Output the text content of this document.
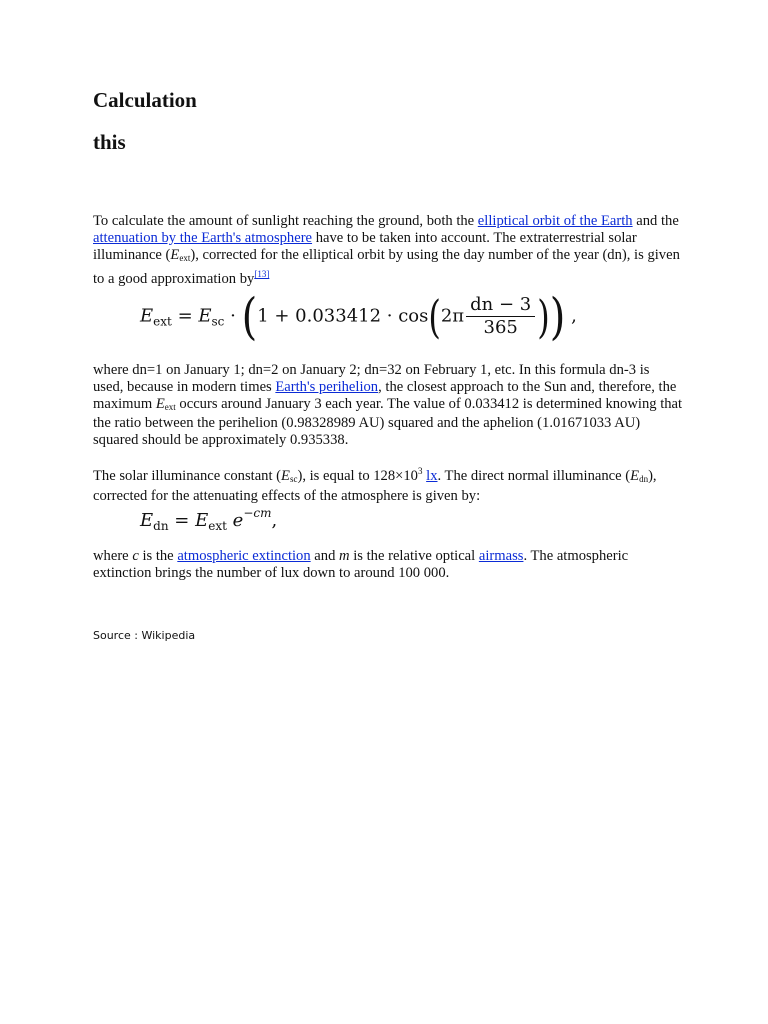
Calculation
this

To calculate the amount of sunlight reaching the ground, both the elliptical orbit of the Earth and the attenuation by the Earth's atmosphere have to be taken into account. The extraterrestrial solar illuminance $(E_{ext})$, corrected for the elliptical orbit by using the day number of the year (dn), is given to a good approximation by[13]

$E_{ext} = E_{sc} \cdot (1 + 0.033412 \cdot \cos(2\pi \frac{dn - 3}{365}$ )) ,

where dn=1 on January 1; dn=2 on January 2; dn=32 on February 1, etc. In this formula dn-3 is used, because in modern times Earth's perihelion, the closest approach to the Sun and, therefore, the maximum $E_{ext}$ occurs around January 3 each year. The value of 0.033412 is determined knowing that the ratio between the perihelion (0.98328989 AU) squared and the aphelion (1.01671033 AU) squared should be approximately 0.935338.

The solar illuminance constant $(E_{sc})$, is equal to $128\times 10^3$ lx. The direct normal illuminance $(E_{dn})$, corrected for the attenuating effects of the atmosphere is given by:

$E_{dn} = E_{ext}$ $e^{-cm}$,

where c is the atmospheric extinction and m is the relative optical airmass. The atmospheric extinction brings the number of lux down to around 100 000.

Source : Wikipedia
